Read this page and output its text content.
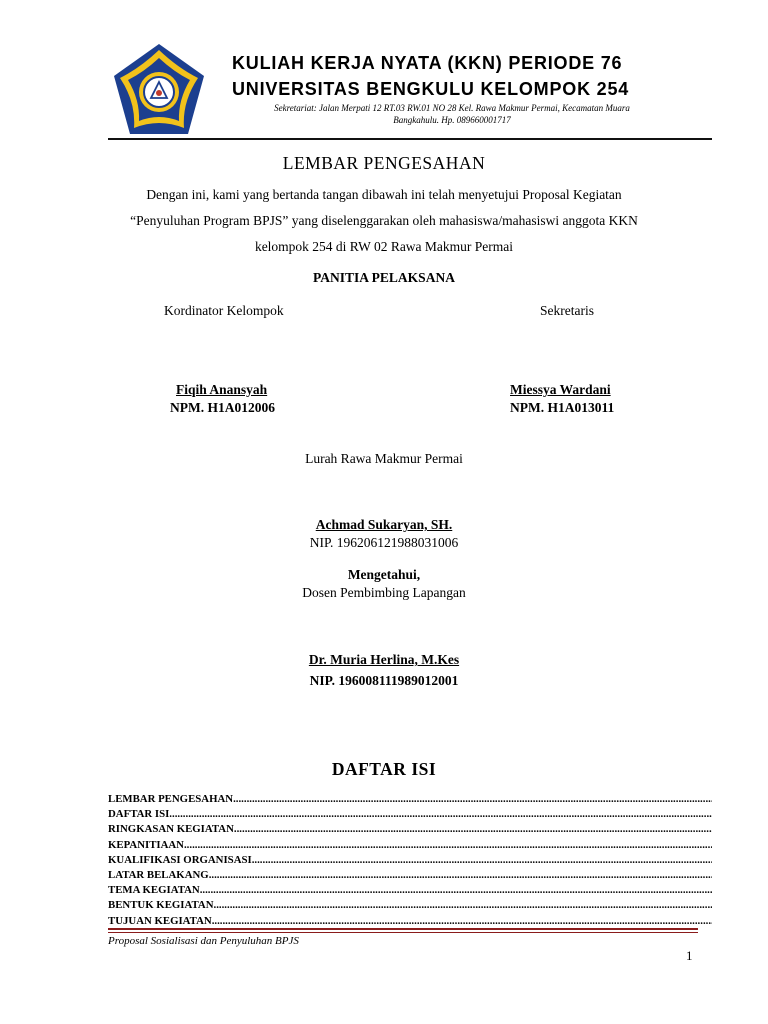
KULIAH KERJA NYATA (KKN) PERIODE 76
UNIVERSITAS BENGKULU KELOMPOK 254
Sekretariat: Jalan Merpati 12 RT.03 RW.01 NO 28 Kel. Rawa Makmur Permai, Kecamatan Muara
Bangkahulu. Hp. 089660001717
LEMBAR PENGESAHAN
Dengan ini, kami yang bertanda tangan dibawah ini telah menyetujui Proposal Kegiatan
“Penyuluhan Program BPJS” yang diselenggarakan oleh mahasiswa/mahasiswi anggota KKN
kelompok 254 di RW 02 Rawa Makmur Permai
PANITIA PELAKSANA
Kordinator Kelompok	Sekretaris
Fiqih Anansyah
NPM. H1A012006
Miessya Wardani
NPM. H1A013011
Lurah Rawa Makmur Permai
Achmad Sukaryan, SH.
NIP. 196206121988031006
Mengetahui,
Dosen Pembimbing Lapangan
Dr. Muria Herlina, M.Kes
NIP. 196008111989012001
DAFTAR ISI
LEMBAR PENGESAHAN
.....
DAFTAR ISI
.....
RINGKASAN KEGIATAN
.....
KEPANITIAAN
.....
KUALIFIKASI ORGANISASI
.....
LATAR BELAKANG
.....
TEMA KEGIATAN
.....
BENTUK KEGIATAN
.....
TUJUAN KEGIATAN
.....
Proposal Sosialisasi dan Penyuluhan BPJS
1
